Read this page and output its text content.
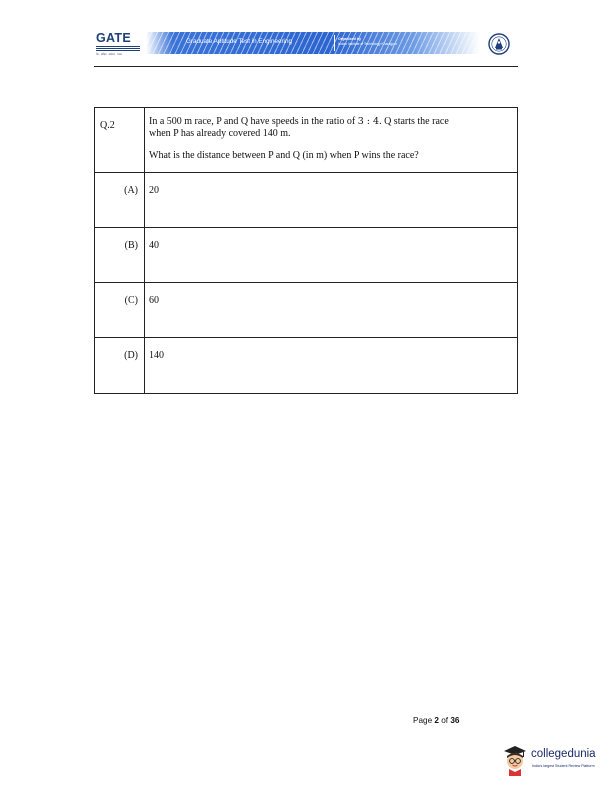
GATE
गेट · परीक्षा · संस्थान · भारत
Graduate Aptitude Test in Engineering	Organised by
Indian Institute of Technology Kharagpur
Q.2	In a 500 m race, P and Q have speeds in the ratio of 3 : 4. Q starts the race
when P has already covered 140 m.

What is the distance between P and Q (in m) when P wins the race?

(A)	20
(B)	40
(C)	60
(D)	140
Page 2 of 36
collegedunia
India's largest Student Review Platform
